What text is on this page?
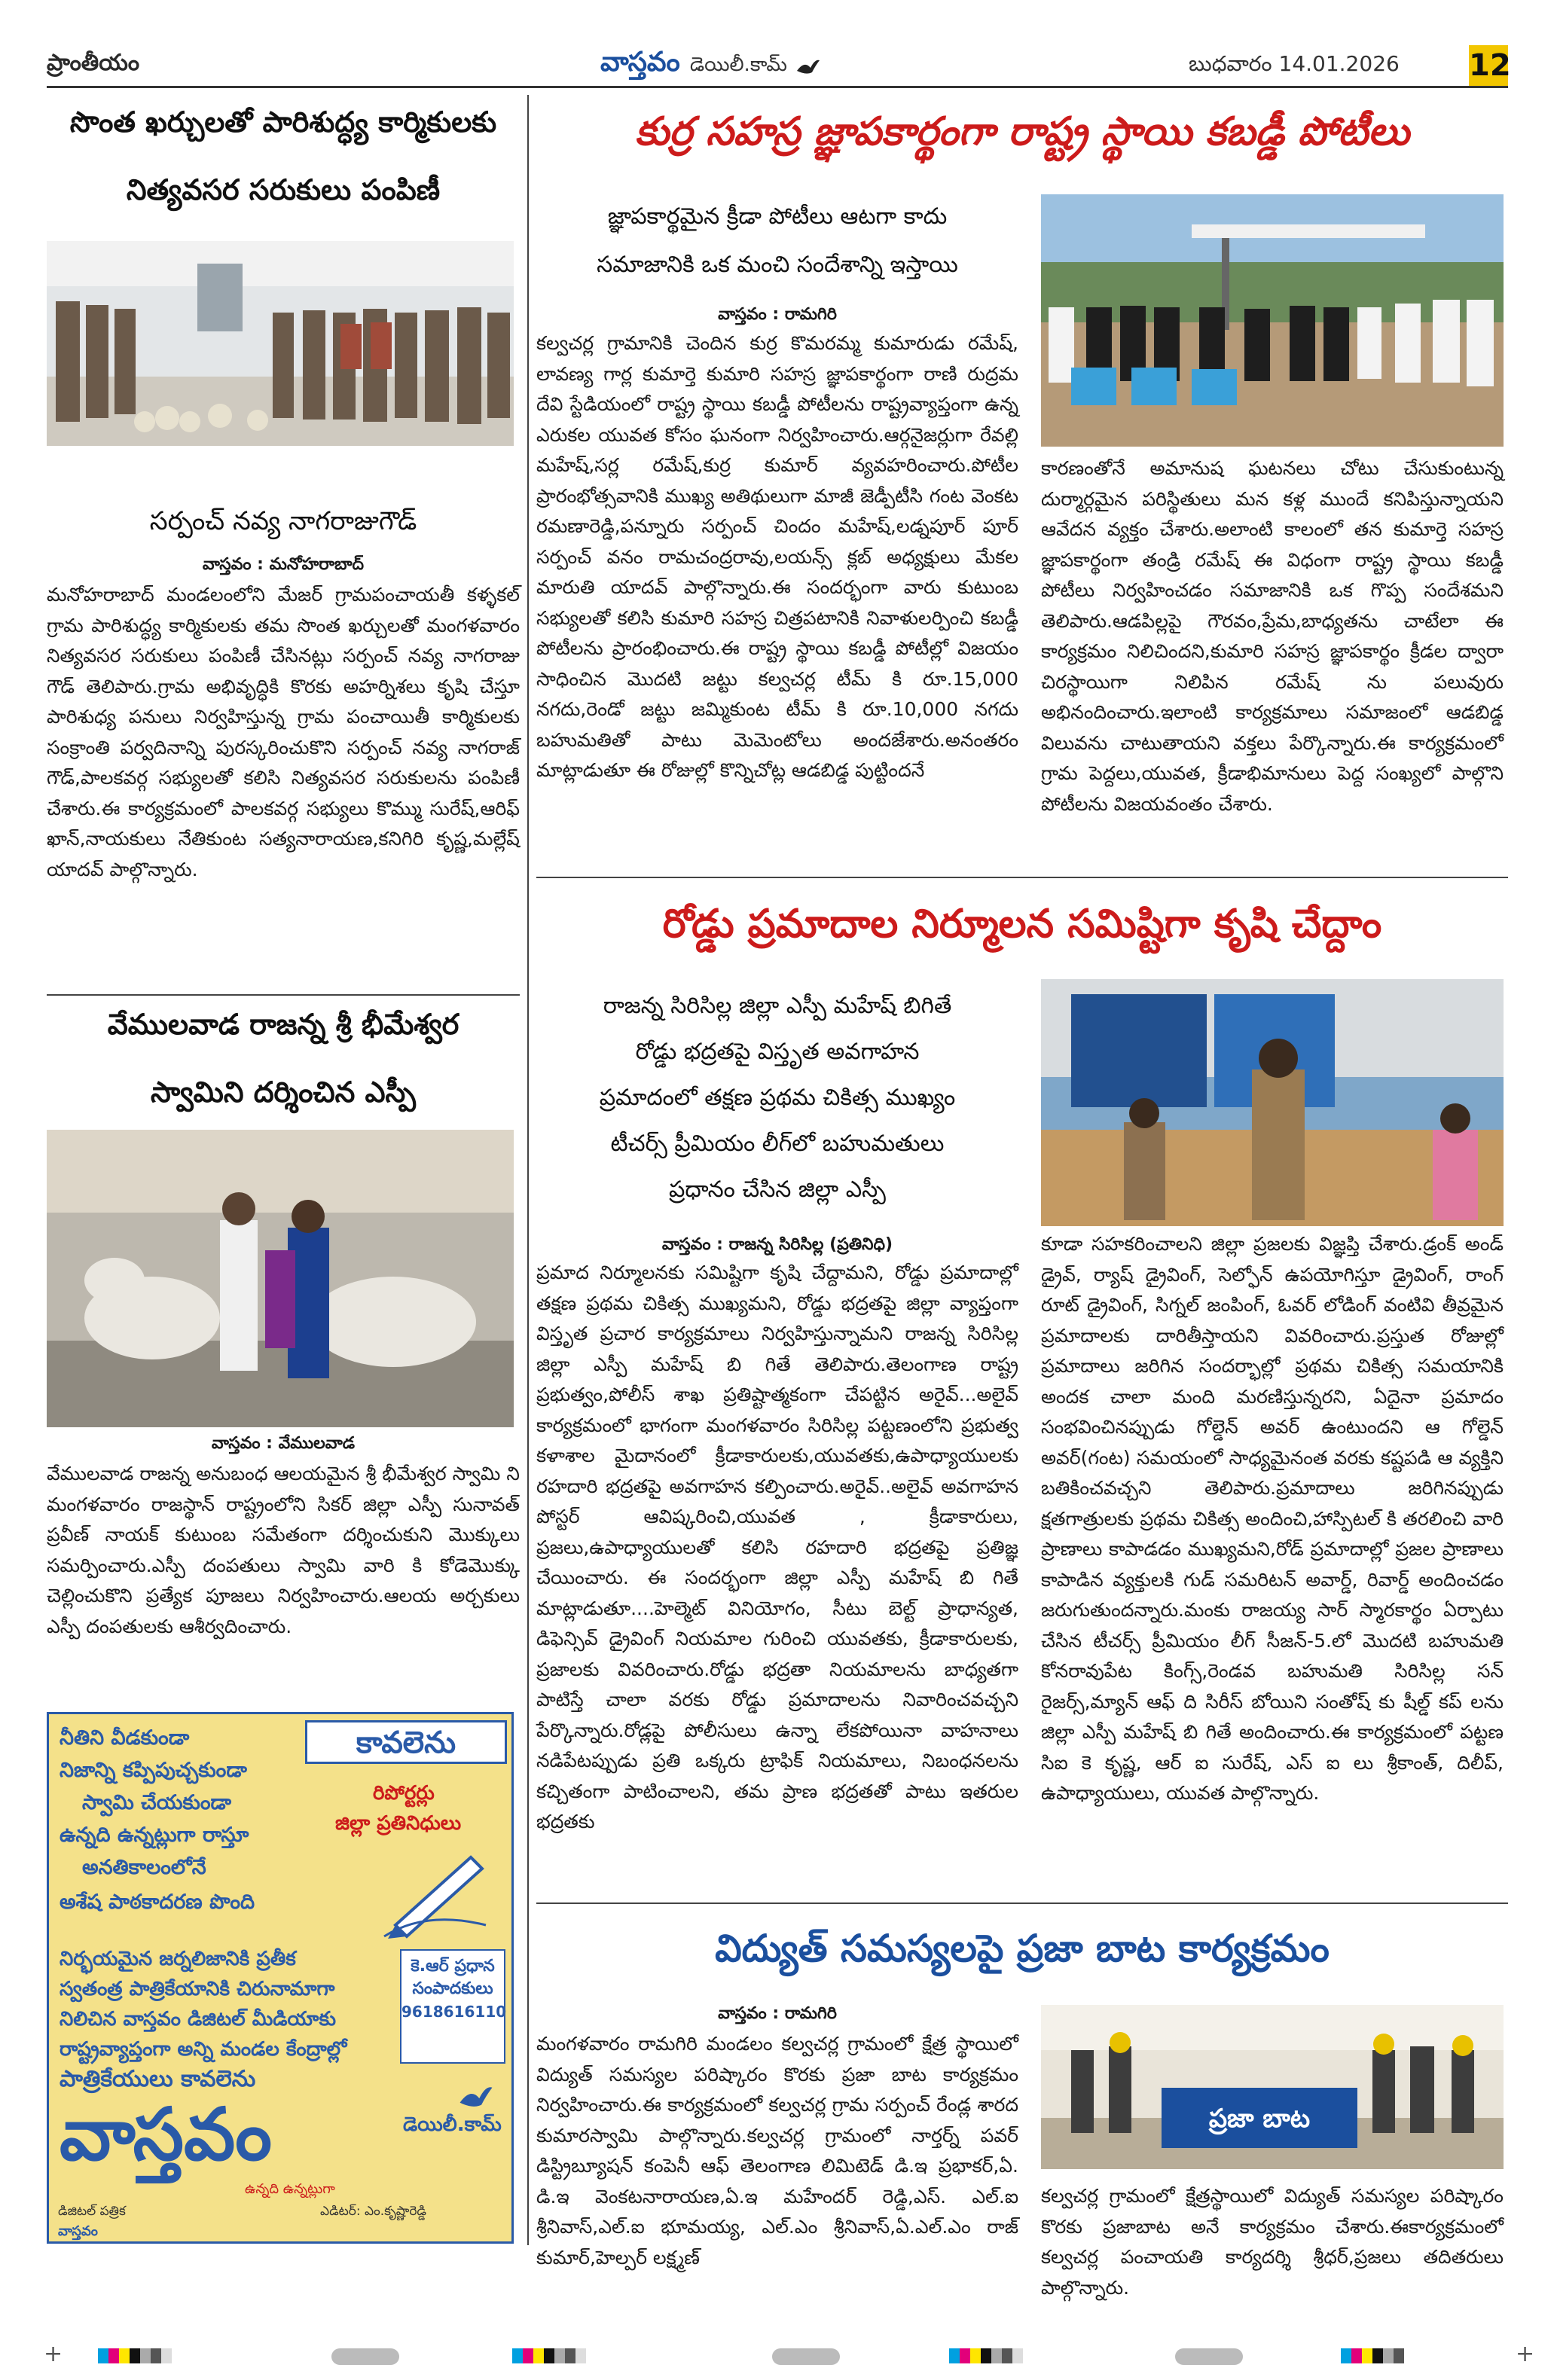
ప్రాంతీయం	వాస్తవం డెయిలీ.కామ్	బుధవారం 14.01.2026 12
సొంత ఖర్చులతో పారిశుద్ధ్య కార్మికులకు
నిత్యవసర సరుకులు పంపిణీ
సర్పంచ్ నవ్య నాగరాజుగౌడ్
వాస్తవం : మనోహరాబాద్
మనోహరాబాద్ మండలంలోని మేజర్ గ్రామపంచాయతీ కళ్ళకల్ గ్రామ పారిశుద్ధ్య కార్మికులకు తమ సొంత ఖర్చులతో మంగళవారం నిత్యవసర సరుకులు పంపిణీ చేసినట్లు సర్పంచ్ నవ్య నాగరాజు గౌడ్ తెలిపారు.గ్రామ అభివృద్ధికి కొరకు అహర్నిశలు కృషి చేస్తూ పారిశుధ్య పనులు నిర్వహిస్తున్న గ్రామ పంచాయితీ కార్మికులకు సంక్రాంతి పర్వదినాన్ని పురస్కరించుకొని సర్పంచ్ నవ్య నాగరాజ్ గౌడ్,పాలకవర్గ సభ్యులతో కలిసి నిత్యవసర సరుకులను పంపిణీ చేశారు.ఈ కార్యక్రమంలో పాలకవర్గ సభ్యులు కొమ్ము సురేష్,ఆరిఫ్ ఖాన్,నాయకులు నేతికుంట సత్యనారాయణ,కనిగిరి కృష్ణ,మల్లేష్ యాదవ్ పాల్గొన్నారు.
వేములవాడ రాజన్న శ్రీ భీమేశ్వర
స్వామిని దర్శించిన ఎస్పీ
వాస్తవం : వేములవాడ
వేములవాడ రాజన్న అనుబంధ ఆలయమైన శ్రీ భీమేశ్వర స్వామి ని మంగళవారం రాజస్థాన్ రాష్ట్రంలోని సికర్ జిల్లా ఎస్పీ సునావత్ ప్రవీణ్ నాయక్ కుటుంబ సమేతంగా దర్శించుకుని మొక్కులు సమర్పించారు.ఎస్పీ దంపతులు స్వామి వారి కి కోడెమొక్కు చెల్లించుకొని ప్రత్యేక పూజలు నిర్వహించారు.ఆలయ అర్చకులు ఎస్పీ దంపతులకు ఆశీర్వదించారు.
నీతిని వీడకుండా
నిజాన్ని కప్పిపుచ్చకుండా
స్వామి చేయకుండా
ఉన్నది ఉన్నట్లుగా రాస్తూ
అనతికాలంలోనే
అశేష పాఠకాదరణ పొంది
నిర్భయమైన జర్నలిజానికి ప్రతీక
స్వతంత్ర పాత్రికేయానికి చిరునామాగా
నిలిచిన వాస్తవం డిజిటల్ మీడియాకు
రాష్ట్రవ్యాప్తంగా అన్ని మండల కేంద్రాల్లో
పాత్రికేయులు కావలెను
కావలెను
రిపోర్టర్లు
జిల్లా ప్రతినిధులు
కె.ఆర్ ప్రధాన సంపాదకులు
9618616110
వాస్తవం	డెయిలీ.కామ్
ఉన్నది ఉన్నట్లుగా
డిజిటల్ పత్రిక	ఎడిటర్: ఎం.కృష్ణారెడ్డి
వాస్తవం
కుర్ర సహస్ర జ్ఞాపకార్థంగా రాష్ట్ర స్థాయి కబడ్డీ పోటీలు
జ్ఞాపకార్థమైన క్రీడా పోటీలు ఆటగా కాదు
సమాజానికి ఒక మంచి సందేశాన్ని ఇస్తాయి
వాస్తవం : రామగిరి
కల్వచర్ల గ్రామానికి చెందిన కుర్ర కొమరమ్మ కుమారుడు రమేష్, లావణ్య గార్ల కుమార్తె కుమారి సహస్ర జ్ఞాపకార్థంగా రాణి రుద్రమ దేవి స్టేడియంలో రాష్ట్ర స్థాయి కబడ్డీ పోటీలను రాష్ట్రవ్యాప్తంగా ఉన్న ఎరుకల యువత కోసం ఘనంగా నిర్వహించారు.ఆర్గనైజర్లుగా రేవల్లి మహేష్,సర్ల రమేష్,కుర్ర కుమార్ వ్యవహరించారు.పోటీల ప్రారంభోత్సవానికి ముఖ్య అతిథులుగా మాజీ జెడ్పీటీసి గంట వెంకట రమణారెడ్డి,పన్నూరు సర్పంచ్ చిందం మహేష్,లడ్నపూర్ పూర్ సర్పంచ్ వనం రామచంద్రరావు,లయన్స్ క్లబ్ అధ్యక్షులు మేకల మారుతి యాదవ్ పాల్గొన్నారు.ఈ సందర్భంగా వారు కుటుంబ సభ్యులతో కలిసి కుమారి సహస్ర చిత్రపటానికి నివాళులర్పించి కబడ్డీ పోటీలను ప్రారంభించారు.ఈ రాష్ట్ర స్థాయి కబడ్డీ పోటీల్లో విజయం సాధించిన మొదటి జట్టు కల్వచర్ల టీమ్ కి రూ.15,000 నగదు,రెండో జట్టు జమ్మికుంట టీమ్ కి రూ.10,000 నగదు బహుమతితో పాటు మెమెంటోలు అందజేశారు.అనంతరం మాట్లాడుతూ ఈ రోజుల్లో కొన్నిచోట్ల ఆడబిడ్డ పుట్టిందనే
కారణంతోనే అమానుష ఘటనలు చోటు చేసుకుంటున్న దుర్మార్గమైన పరిస్థితులు మన కళ్ల ముందే కనిపిస్తున్నాయని ఆవేదన వ్యక్తం చేశారు.అలాంటి కాలంలో తన కుమార్తె సహస్ర జ్ఞాపకార్థంగా తండ్రి రమేష్ ఈ విధంగా రాష్ట్ర స్థాయి కబడ్డీ పోటీలు నిర్వహించడం సమాజానికి ఒక గొప్ప సందేశమని తెలిపారు.ఆడపిల్లపై గౌరవం,ప్రేమ,బాధ్యతను చాటేలా ఈ కార్యక్రమం నిలిచిందని,కుమారి సహస్ర జ్ఞాపకార్థం క్రీడల ద్వారా చిరస్థాయిగా నిలిపిన రమేష్ ను పలువురు అభినందించారు.ఇలాంటి కార్యక్రమాలు సమాజంలో ఆడబిడ్డ విలువను చాటుతాయని వక్తలు పేర్కొన్నారు.ఈ కార్యక్రమంలో గ్రామ పెద్దలు,యువత, క్రీడాభిమానులు పెద్ద సంఖ్యలో పాల్గొని పోటీలను విజయవంతం చేశారు.
రోడ్డు ప్రమాదాల నిర్మూలన సమిష్టిగా కృషి చేద్దాం
రాజన్న సిరిసిల్ల జిల్లా ఎస్పీ మహేష్ బిగితే
రోడ్డు భద్రతపై విస్తృత అవగాహన
ప్రమాదంలో తక్షణ ప్రథమ చికిత్స ముఖ్యం
టీచర్స్ ప్రీమియం లీగ్‌లో బహుమతులు
ప్రధానం చేసిన జిల్లా ఎస్పీ
వాస్తవం : రాజన్న సిరిసిల్ల (ప్రతినిధి)
ప్రమాద నిర్మూలనకు సమిష్టిగా కృషి చేద్దామని, రోడ్డు ప్రమాదాల్లో తక్షణ ప్రథమ చికిత్స ముఖ్యమని, రోడ్డు భద్రతపై జిల్లా వ్యాప్తంగా విస్తృత ప్రచార కార్యక్రమాలు నిర్వహిస్తున్నామని రాజన్న సిరిసిల్ల జిల్లా ఎస్పీ మహేష్ బి గితే తెలిపారు.తెలంగాణ రాష్ట్ర ప్రభుత్వం,పోలీస్ శాఖ ప్రతిష్టాత్మకంగా చేపట్టిన అరైవ్...అలైవ్ కార్యక్రమంలో భాగంగా మంగళవారం సిరిసిల్ల పట్టణంలోని ప్రభుత్వ కళాశాల మైదానంలో క్రీడాకారులకు,యువతకు,ఉపాధ్యాయులకు రహదారి భద్రతపై అవగాహన కల్పించారు.అరైవ్..అలైవ్ అవగాహన పోస్టర్ ఆవిష్కరించి,యువత , క్రీడాకారులు, ప్రజలు,ఉపాధ్యాయులతో కలిసి రహదారి భద్రతపై ప్రతిజ్ఞ చేయించారు. ఈ సందర్భంగా జిల్లా ఎస్పీ మహేష్ బి గితే మాట్లాడుతూ....హెల్మెట్ వినియోగం, సీటు బెల్ట్ ప్రాధాన్యత, డిఫెన్సివ్ డ్రైవింగ్ నియమాల గురించి యువతకు, క్రీడాకారులకు, ప్రజాలకు వివరించారు.రోడ్డు భద్రతా నియమాలను బాధ్యతగా పాటిస్తే చాలా వరకు రోడ్డు ప్రమాదాలను నివారించవచ్చని పేర్కొన్నారు.రోడ్లపై పోలీసులు ఉన్నా లేకపోయినా వాహనాలు నడిపేటప్పుడు ప్రతి ఒక్కరు ట్రాఫిక్ నియమాలు, నిబంధనలను కచ్చితంగా పాటించాలని, తమ ప్రాణ భద్రతతో పాటు ఇతరుల భద్రతకు
కూడా సహకరించాలని జిల్లా ప్రజలకు విజ్ఞప్తి చేశారు.డ్రంక్ అండ్ డ్రైవ్, ర్యాష్ డ్రైవింగ్, సెల్ఫోన్ ఉపయోగిస్తూ డ్రైవింగ్, రాంగ్ రూట్ డ్రైవింగ్, సిగ్నల్ జంపింగ్, ఓవర్ లోడింగ్ వంటివి తీవ్రమైన ప్రమాదాలకు దారితీస్తాయని వివరించారు.ప్రస్తుత రోజుల్లో ప్రమాదాలు జరిగిన సందర్భాల్లో ప్రథమ చికిత్స సమయానికి అందక చాలా మంది మరణిస్తున్నరని, ఏదైనా ప్రమాదం సంభవించినప్పుడు గోల్డెన్ అవర్ ఉంటుందని ఆ గోల్డెన్ అవర్(గంట) సమయంలో సాధ్యమైనంత వరకు కష్టపడి ఆ వ్యక్తిని బతికించవచ్చని తెలిపారు.ప్రమాదాలు జరిగినప్పుడు క్షతగాత్రులకు ప్రథమ చికిత్స అందించి,హాస్పిటల్ కి తరలించి వారి ప్రాణాలు కాపాడడం ముఖ్యమని,రోడ్ ప్రమాదాల్లో ప్రజల ప్రాణాలు కాపాడిన వ్యక్తులకి గుడ్ సమరిటన్ అవార్డ్, రివార్డ్ అందించడం జరుగుతుందన్నారు.మంకు రాజయ్య సార్ స్మారకార్థం ఏర్పాటు చేసిన టీచర్స్ ప్రీమియం లీగ్ సీజన్-5.లో మొదటి బహుమతి కోనరావుపేట కింగ్స్,రెండవ బహుమతి సిరిసిల్ల సన్ రైజర్స్,మ్యాన్ ఆఫ్ ది సిరీస్ బోయిని సంతోష్ కు షీల్డ్ కప్ లను జిల్లా ఎస్పీ మహేష్ బి గితే అందించారు.ఈ కార్యక్రమంలో పట్టణ సిఐ కె కృష్ణ, ఆర్ ఐ సురేష్, ఎస్ ఐ లు శ్రీకాంత్, దిలీప్, ఉపాధ్యాయులు, యువత పాల్గొన్నారు.
విద్యుత్ సమస్యలపై ప్రజా బాట కార్యక్రమం
వాస్తవం : రామగిరి
మంగళవారం రామగిరి మండలం కల్వచర్ల గ్రామంలో క్షేత్ర స్థాయిలో విద్యుత్ సమస్యల పరిష్కారం కొరకు ప్రజా బాట కార్యక్రమం నిర్వహించారు.ఈ కార్యక్రమంలో కల్వచర్ల గ్రామ సర్పంచ్ రేండ్ల శారద కుమారస్వామి పాల్గొన్నారు.కల్వచర్ల గ్రామంలో నార్తర్న్ పవర్ డిస్ట్రిబ్యూషన్ కంపెనీ ఆఫ్ తెలంగాణ లిమిటెడ్ డి.ఇ ప్రభాకర్,ఏ. డి.ఇ వెంకటనారాయణ,ఏ.ఇ మహేందర్ రెడ్డి,ఎస్. ఎల్.ఐ శ్రీనివాస్,ఎల్.ఐ భూమయ్య, ఎల్.ఎం శ్రీనివాస్,ఏ.ఎల్.ఎం రాజ్ కుమార్,హెల్పర్ లక్ష్మణ్
ప్రజా బాట
కల్వచర్ల గ్రామంలో క్షేత్రస్థాయిలో విద్యుత్ సమస్యల పరిష్కారం కొరకు ప్రజాబాట అనే కార్యక్రమం చేశారు.ఈకార్యక్రమంలో కల్వచర్ల పంచాయతి కార్యదర్శి శ్రీధర్,ప్రజలు తదితరులు పాల్గొన్నారు.
+	+
